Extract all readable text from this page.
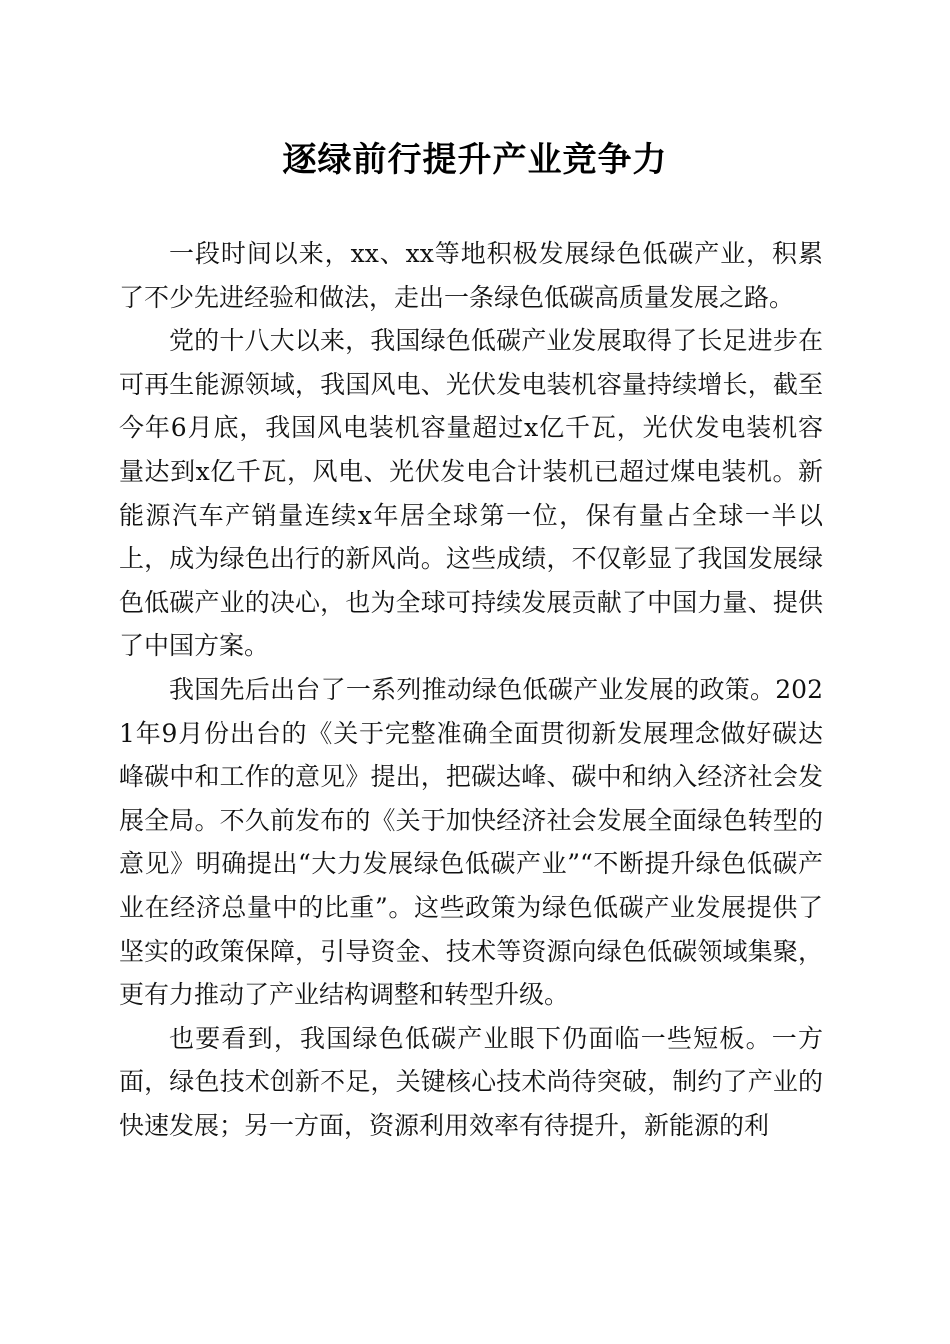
逐绿前行提升产业竞争力

一段时间以来，xx、xx等地积极发展绿色低碳产业，积累了不少先进经验和做法，走出一条绿色低碳高质量发展之路。

党的十八大以来，我国绿色低碳产业发展取得了长足进步在可再生能源领域，我国风电、光伏发电装机容量持续增长，截至今年6月底，我国风电装机容量超过x亿千瓦，光伏发电装机容量达到x亿千瓦，风电、光伏发电合计装机已超过煤电装机。新能源汽车产销量连续x年居全球第一位，保有量占全球一半以上，成为绿色出行的新风尚。这些成绩，不仅彰显了我国发展绿色低碳产业的决心，也为全球可持续发展贡献了中国力量、提供了中国方案。

我国先后出台了一系列推动绿色低碳产业发展的政策。2021年9月份出台的《关于完整准确全面贯彻新发展理念做好碳达峰碳中和工作的意见》提出，把碳达峰、碳中和纳入经济社会发展全局。不久前发布的《关于加快经济社会发展全面绿色转型的意见》明确提出“大力发展绿色低碳产业”“不断提升绿色低碳产业在经济总量中的比重”。这些政策为绿色低碳产业发展提供了坚实的政策保障，引导资金、技术等资源向绿色低碳领域集聚，更有力推动了产业结构调整和转型升级。

也要看到，我国绿色低碳产业眼下仍面临一些短板。一方面，绿色技术创新不足，关键核心技术尚待突破，制约了产业的快速发展；另一方面，资源利用效率有待提升，新能源的利
